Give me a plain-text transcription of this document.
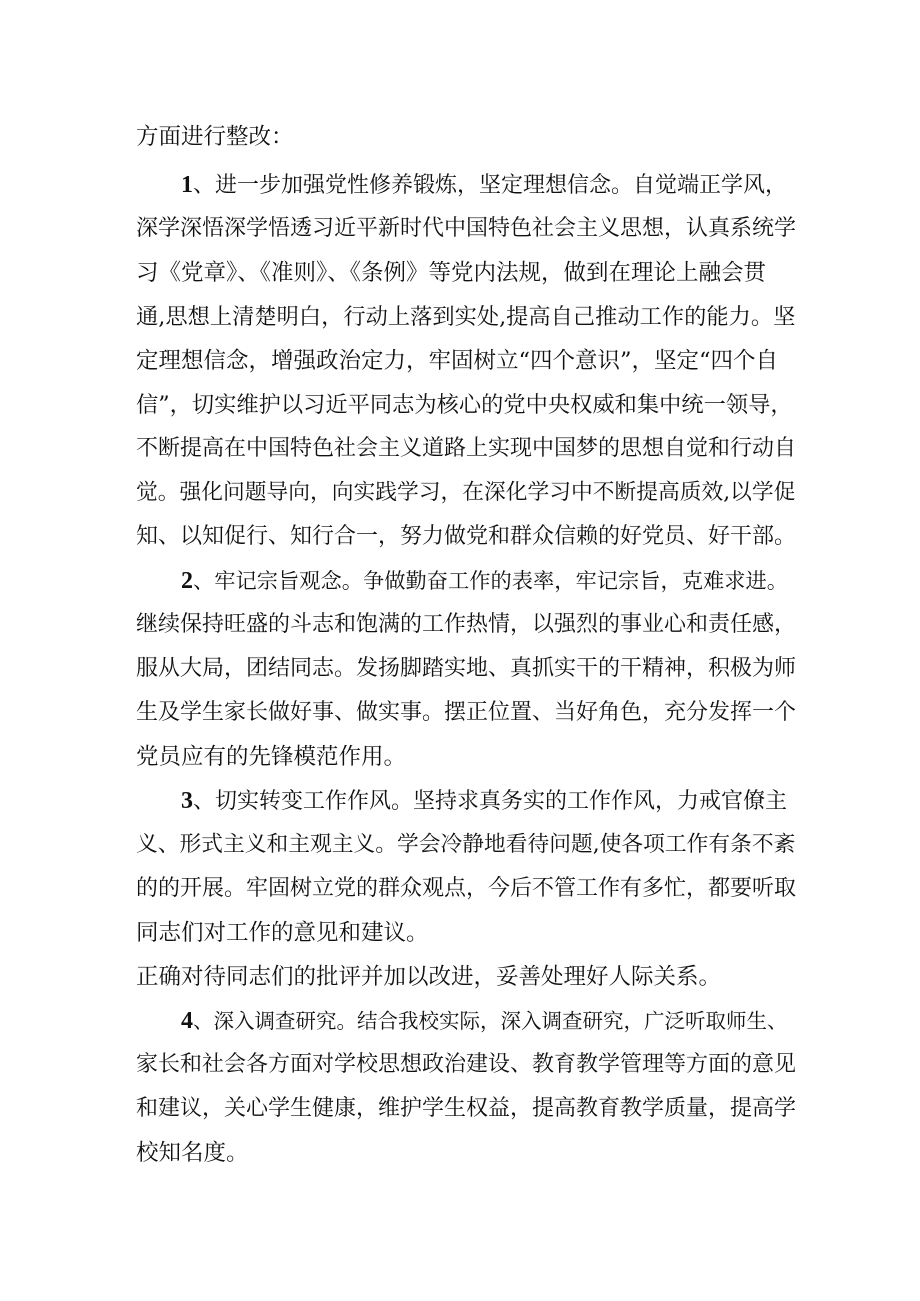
方面进行整改：
1、进一步加强党性修养锻炼，坚定理想信念。自觉端正学风，
深学深悟深学悟透习近平新时代中国特色社会主义思想，认真系统学
习《党章》、《准则》、《条例》等党内法规，做到在理论上融会贯
通,思想上清楚明白，行动上落到实处,提高自己推动工作的能力。坚
定理想信念，增强政治定力，牢固树立“四个意识”，坚定“四个自
信”，切实维护以习近平同志为核心的党中央权威和集中统一领导，
不断提高在中国特色社会主义道路上实现中国梦的思想自觉和行动自
觉。强化问题导向，向实践学习，在深化学习中不断提高质效,以学促
知、以知促行、知行合一，努力做党和群众信赖的好党员、好干部。
2、牢记宗旨观念。争做勤奋工作的表率，牢记宗旨，克难求进。
继续保持旺盛的斗志和饱满的工作热情，以强烈的事业心和责任感，
服从大局，团结同志。发扬脚踏实地、真抓实干的干精神，积极为师
生及学生家长做好事、做实事。摆正位置、当好角色，充分发挥一个
党员应有的先锋模范作用。
3、切实转变工作作风。坚持求真务实的工作作风，力戒官僚主
义、形式主义和主观主义。学会冷静地看待问题,使各项工作有条不紊
的的开展。牢固树立党的群众观点，今后不管工作有多忙，都要听取
同志们对工作的意见和建议。
正确对待同志们的批评并加以改进，妥善处理好人际关系。
4、深入调查研究。结合我校实际，深入调查研究，广泛听取师生、
家长和社会各方面对学校思想政治建设、教育教学管理等方面的意见
和建议，关心学生健康，维护学生权益，提高教育教学质量，提高学
校知名度。
